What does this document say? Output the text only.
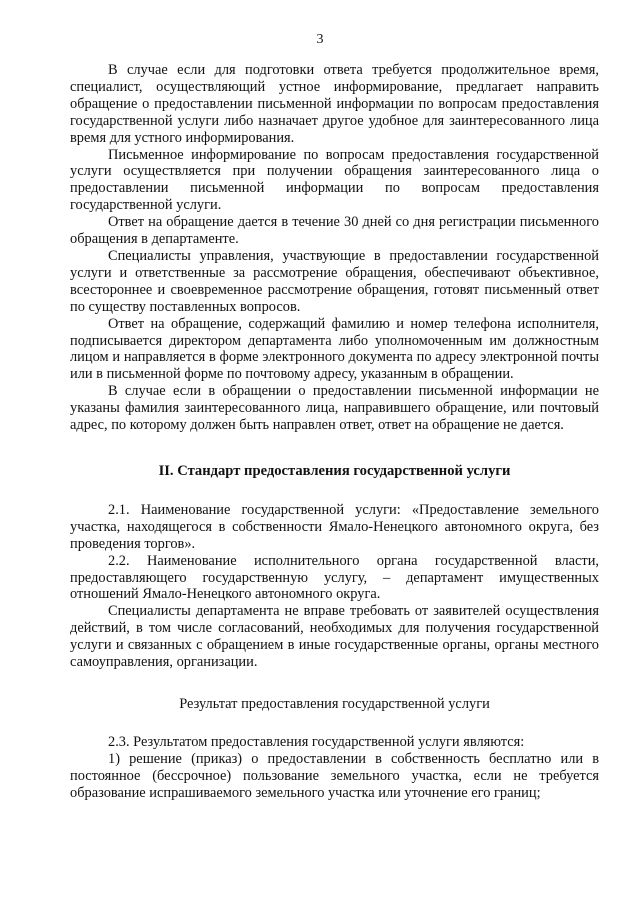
3

В случае если для подготовки ответа требуется продолжительное время, специалист, осуществляющий устное информирование, предлагает направить обращение о предоставлении письменной информации по вопросам предоставления государственной услуги либо назначает другое удобное для заинтересованного лица время для устного информирования.

Письменное информирование по вопросам предоставления государственной услуги осуществляется при получении обращения заинтересованного лица о предоставлении письменной информации по вопросам предоставления государственной услуги.

Ответ на обращение дается в течение 30 дней со дня регистрации письменного обращения в департаменте.

Специалисты управления, участвующие в предоставлении государственной услуги и ответственные за рассмотрение обращения, обеспечивают объективное, всестороннее и своевременное рассмотрение обращения, готовят письменный ответ по существу поставленных вопросов.

Ответ на обращение, содержащий фамилию и номер телефона исполнителя, подписывается директором департамента либо уполномоченным им должностным лицом и направляется в форме электронного документа по адресу электронной почты или в письменной форме по почтовому адресу, указанным в обращении.

В случае если в обращении о предоставлении письменной информации не указаны фамилия заинтересованного лица, направившего обращение, или почтовый адрес, по которому должен быть направлен ответ, ответ на обращение не дается.

II. Стандарт предоставления государственной услуги

2.1. Наименование государственной услуги: «Предоставление земельного участка, находящегося в собственности Ямало-Ненецкого автономного округа, без проведения торгов».

2.2. Наименование исполнительного органа государственной власти, предоставляющего государственную услугу, – департамент имущественных отношений Ямало-Ненецкого автономного округа.

Специалисты департамента не вправе требовать от заявителей осуществления действий, в том числе согласований, необходимых для получения государственной услуги и связанных с обращением в иные государственные органы, органы местного самоуправления, организации.

Результат предоставления государственной услуги

2.3. Результатом предоставления государственной услуги являются:

1) решение (приказ) о предоставлении в собственность бесплатно или в постоянное (бессрочное) пользование земельного участка, если не требуется образование испрашиваемого земельного участка или уточнение его границ;
